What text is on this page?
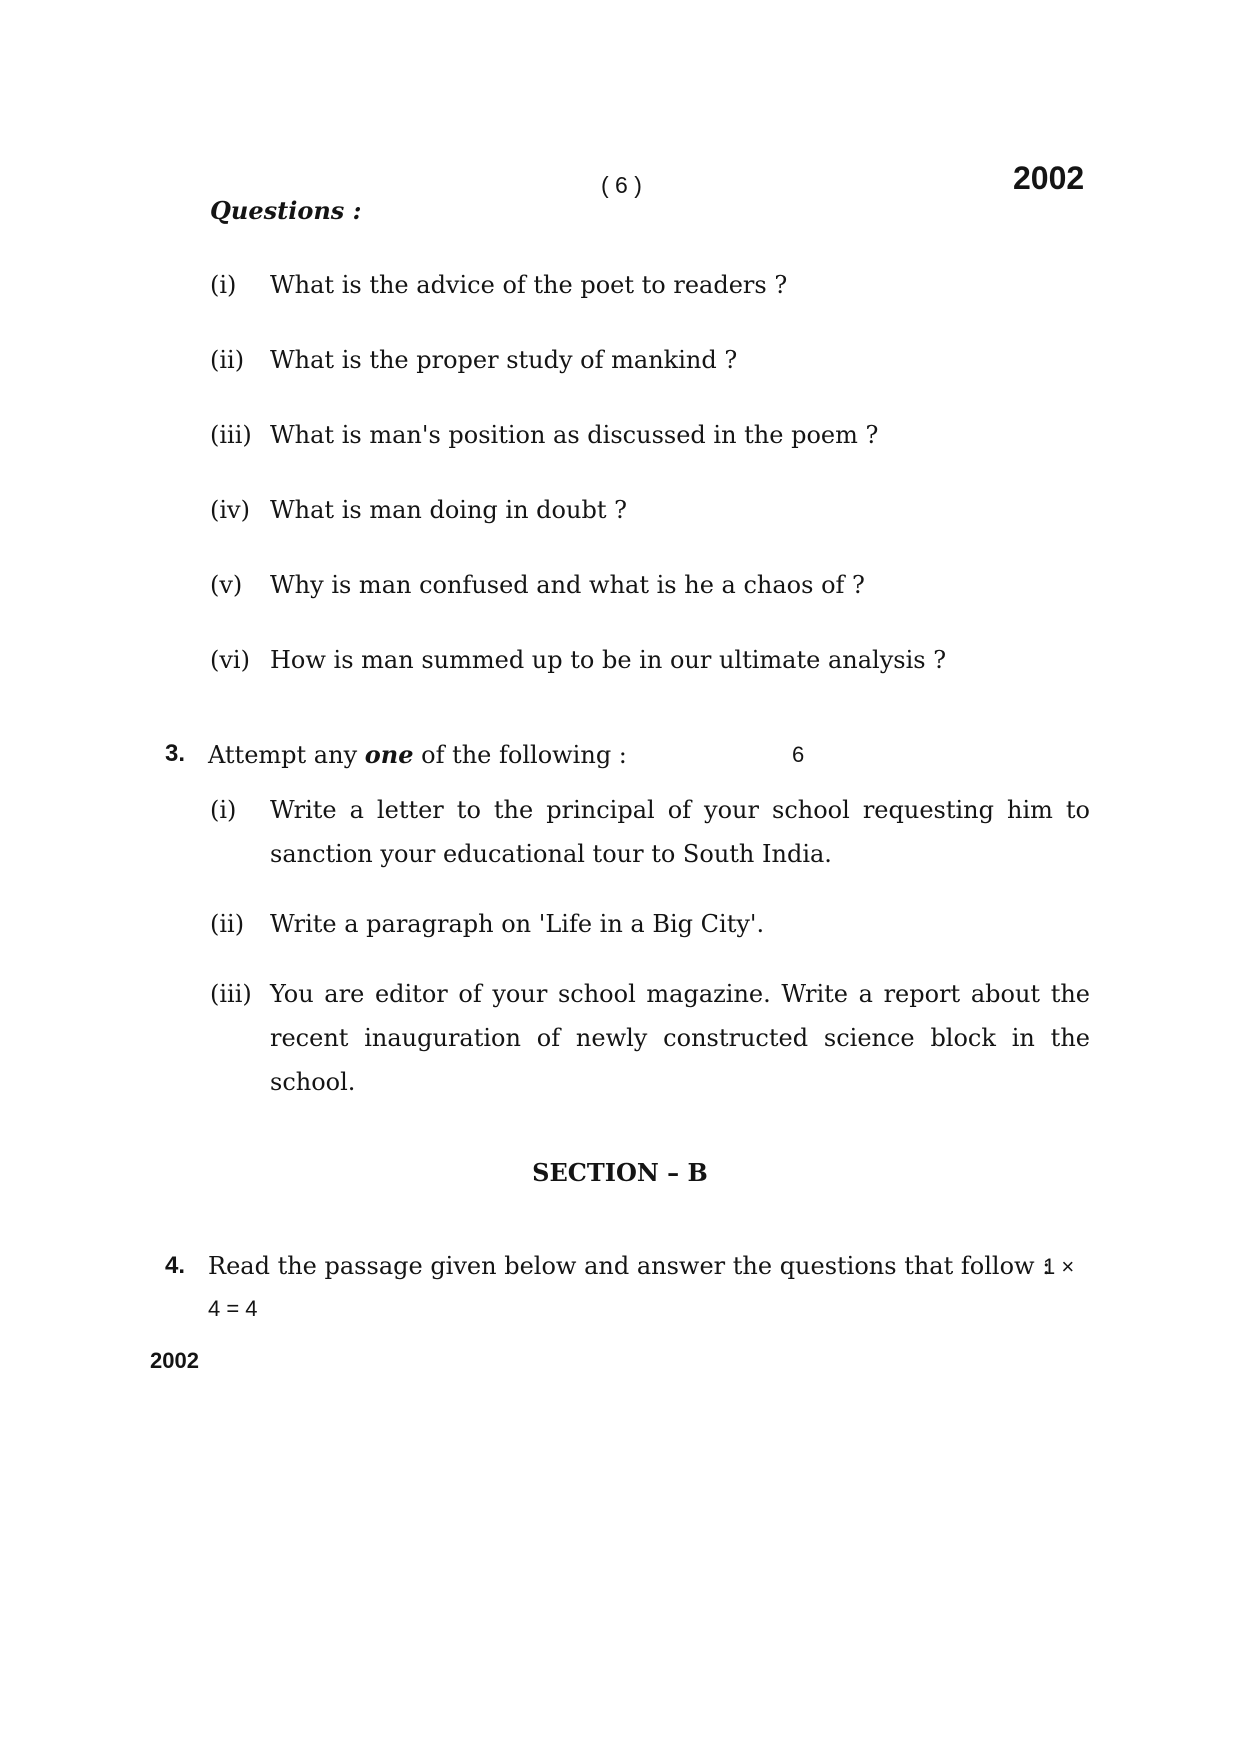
( 6 )	2002
Questions :
(i)	What is the advice of the poet to readers ?
(ii)	What is the proper study of mankind ?
(iii) What is man's position as discussed in the poem ?
(iv) What is man doing in doubt ?
(v)	Why is man confused and what is he a chaos of ?
(vi) How is man summed up to be in our ultimate analysis ?
3. Attempt any one of the following :	6
(i)	Write a letter to the principal of your school requesting him to sanction your educational tour to South India.
(ii)	Write a paragraph on 'Life in a Big City'.
(iii) You are editor of your school magazine. Write a report about the recent inauguration of newly constructed science block in the school.
SECTION – B
4. Read the passage given below and answer the questions that follow :
1 ×
4 = 4
2002
